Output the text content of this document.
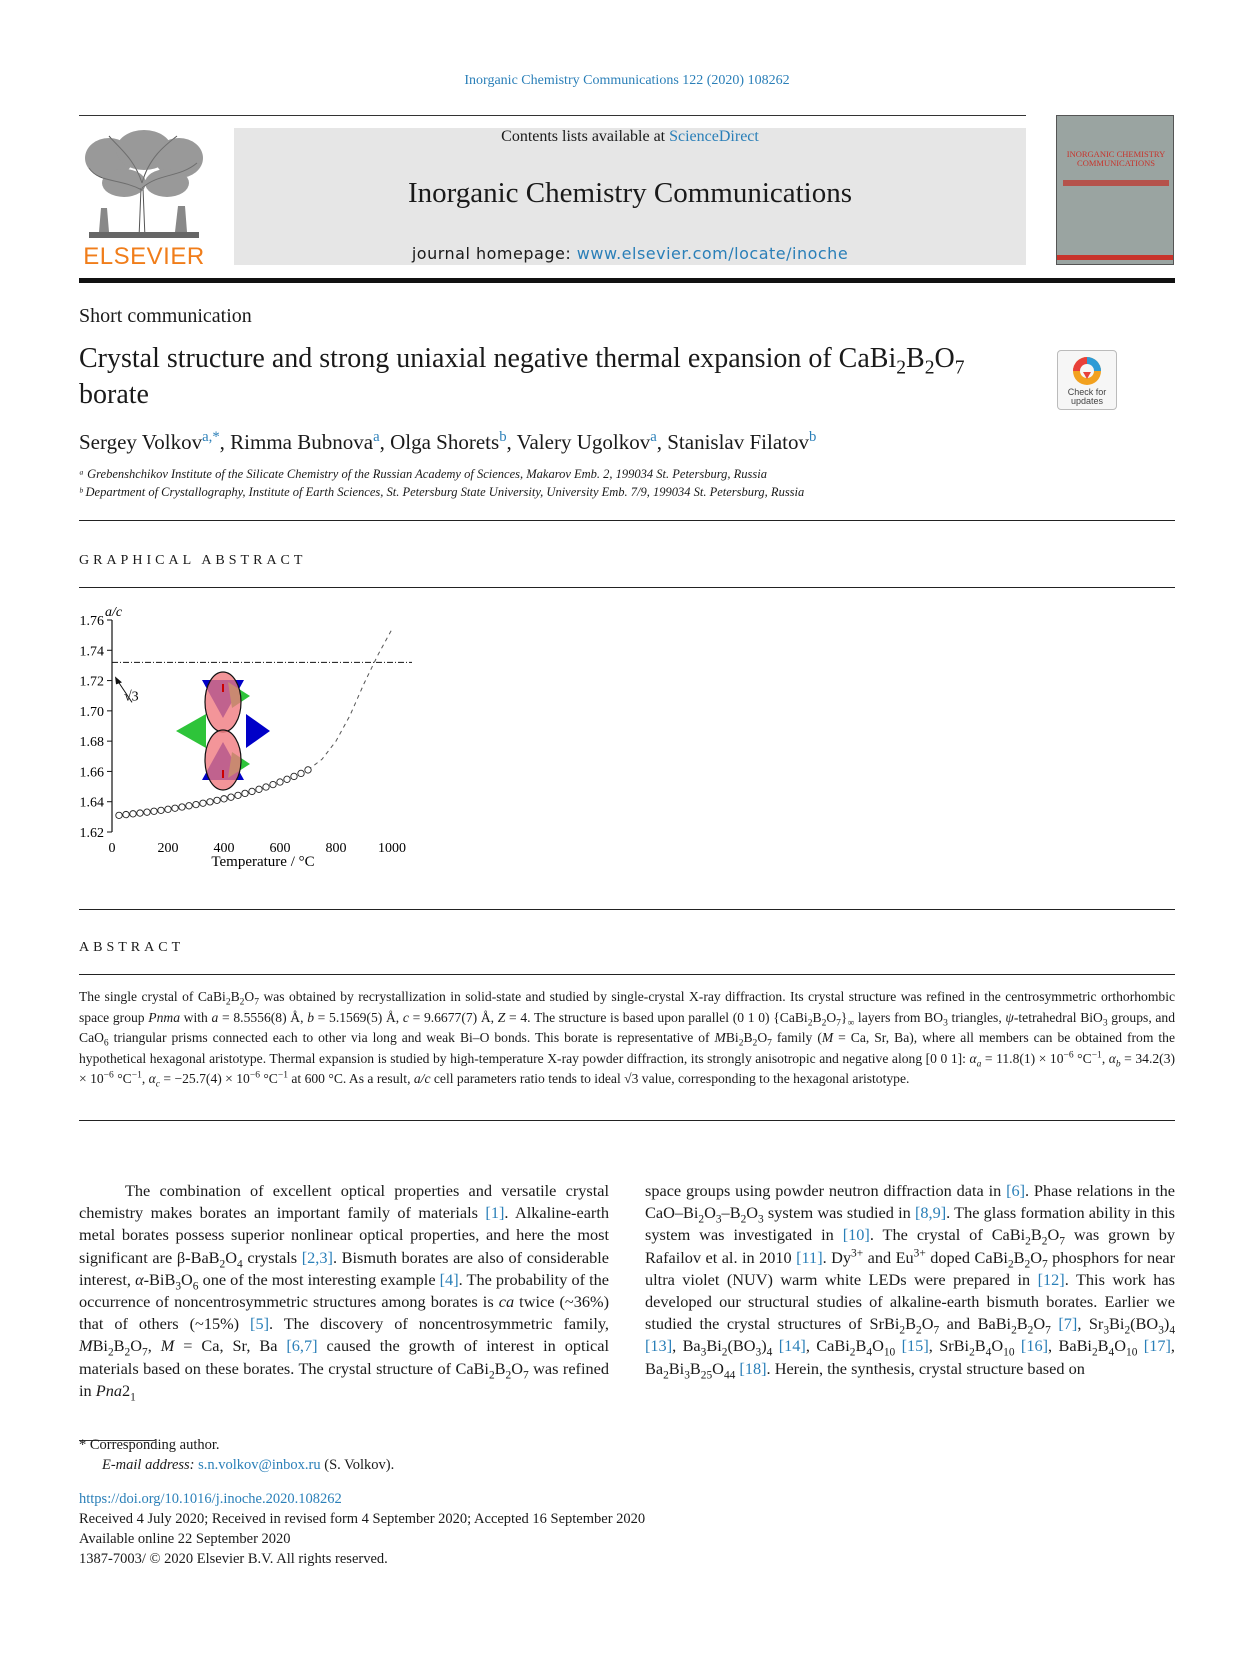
Inorganic Chemistry Communications 122 (2020) 108262
ELSEVIER
Contents lists available at ScienceDirect
Inorganic Chemistry Communications
journal homepage: www.elsevier.com/locate/inoche
INORGANIC CHEMISTRY COMMUNICATIONS
Short communication
Crystal structure and strong uniaxial negative thermal expansion of $CaBi_2B_2O_7$ borate	Check for updates
Sergey Volkov$^{a,*}$, Rimma Bubnova$^a$, Olga Shorets$^b$, Valery Ugolkov$^a$, Stanislav Filatov$^b$
ᵃ Grebenshchikov Institute of the Silicate Chemistry of the Russian Academy of Sciences, Makarov Emb. 2, 199034 St. Petersburg, Russia
ᵇ Department of Crystallography, Institute of Earth Sciences, St. Petersburg State University, University Emb. 7/9, 199034 St. Petersburg, Russia
GRAPHICAL ABSTRACT
a/c
Temperature / °C
1.62
1.64
1.66
1.68
1.70
1.72
1.74
1.76
0	200	400	600	800 1000
√3
ABSTRACT
The single crystal of $CaBi_2B_2O_7$ was obtained by recrystallization in solid-state and studied by single-crystal X-ray diffraction. Its crystal structure was refined in the centrosymmetric orthorhombic space group Pnma with a = 8.5556(8) Å, b = 5.1569(5) Å, c = 9.6677(7) Å, Z = 4. The structure is based upon parallel (0 1 0) $\{CaBi_2B_2O_7\}_\infty$ layers from $BO_3$ triangles, ψ-tetrahedral BiO$_3$ groups, and CaO$_6$ triangular prisms connected each to other via long and weak Bi–O bonds. This borate is representative of $MBi_2B_2O_7$ family (M = Ca, Sr, Ba), where all members can be obtained from the hypothetical hexagonal aristotype. Thermal expansion is studied by high-temperature X-ray powder diffraction, its strongly anisotropic and negative along [0 0 1]: $\alpha_a = 11.8(1) \times 10^{-6}$ $^\circ C^{-1}$, $\alpha_b = 34.2(3) \times 10^{-6}$ $^\circ C^{-1}$, $\alpha_c = -25.7(4) \times 10^{-6}$ $^\circ C^{-1}$ at 600 °C. As a result, a/c cell parameters ratio tends to ideal √3 value, corresponding to the hexagonal aristotype.

The combination of excellent optical properties and versatile crystal chemistry makes borates an important family of materials [1]. Alkaline-earth metal borates possess superior nonlinear optical properties, and here the most significant are $\beta-BaB_2O_4$ crystals [2,3]. Bismuth borates are also of considerable interest, $\alpha-BiB_3O_6$ one of the most interesting example [4]. The probability of the occurrence of noncentrosymmetric structures among borates is ca twice (~36%) that of others (~15%) [5]. The discovery of noncentrosymmetric family, $MBi_2B_2O_7$, M = Ca, Sr, Ba [6,7] caused the growth of interest in optical materials based on these borates. The crystal structure of $CaBi_2B_2O_7$ was refined in $Pna2_1$

space groups using powder neutron diffraction data in [6]. Phase relations in the CaO–$Bi_2O_3-B_2O_3$ system was studied in [8,9]. The glass formation ability in this system was investigated in [10]. The crystal of $CaBi_2B_2O_7$ was grown by Rafailov et al. in 2010 [11]. $Dy^{3+}$ and $Eu^{3+}$ doped $CaBi_2B_2O_7$ phosphors for near ultra violet (NUV) warm white LEDs were prepared in [12]. This work has developed our structural studies of alkaline-earth bismuth borates. Earlier we studied the crystal structures of $SrBi_2B_2O_7$ and $BaBi_2B_2O_7$ [7], $Sr_3Bi_2(BO_3)_4$ [13], $Ba_3Bi_2(BO_3)_4$ [14], $CaBi_2B_4O_{10}$ [15], $SrBi_2B_4O_{10}$ [16], $BaBi_2B_4O_{10}$ [17], $Ba_2Bi_3B_{25}O_{44}$ [18]. Herein, the synthesis, crystal structure based on

* Corresponding author.
E-mail address: s.n.volkov@inbox.ru (S. Volkov).
https://doi.org/10.1016/j.inoche.2020.108262
Received 4 July 2020; Received in revised form 4 September 2020; Accepted 16 September 2020
Available online 22 September 2020
1387-7003/ © 2020 Elsevier B.V. All rights reserved.
